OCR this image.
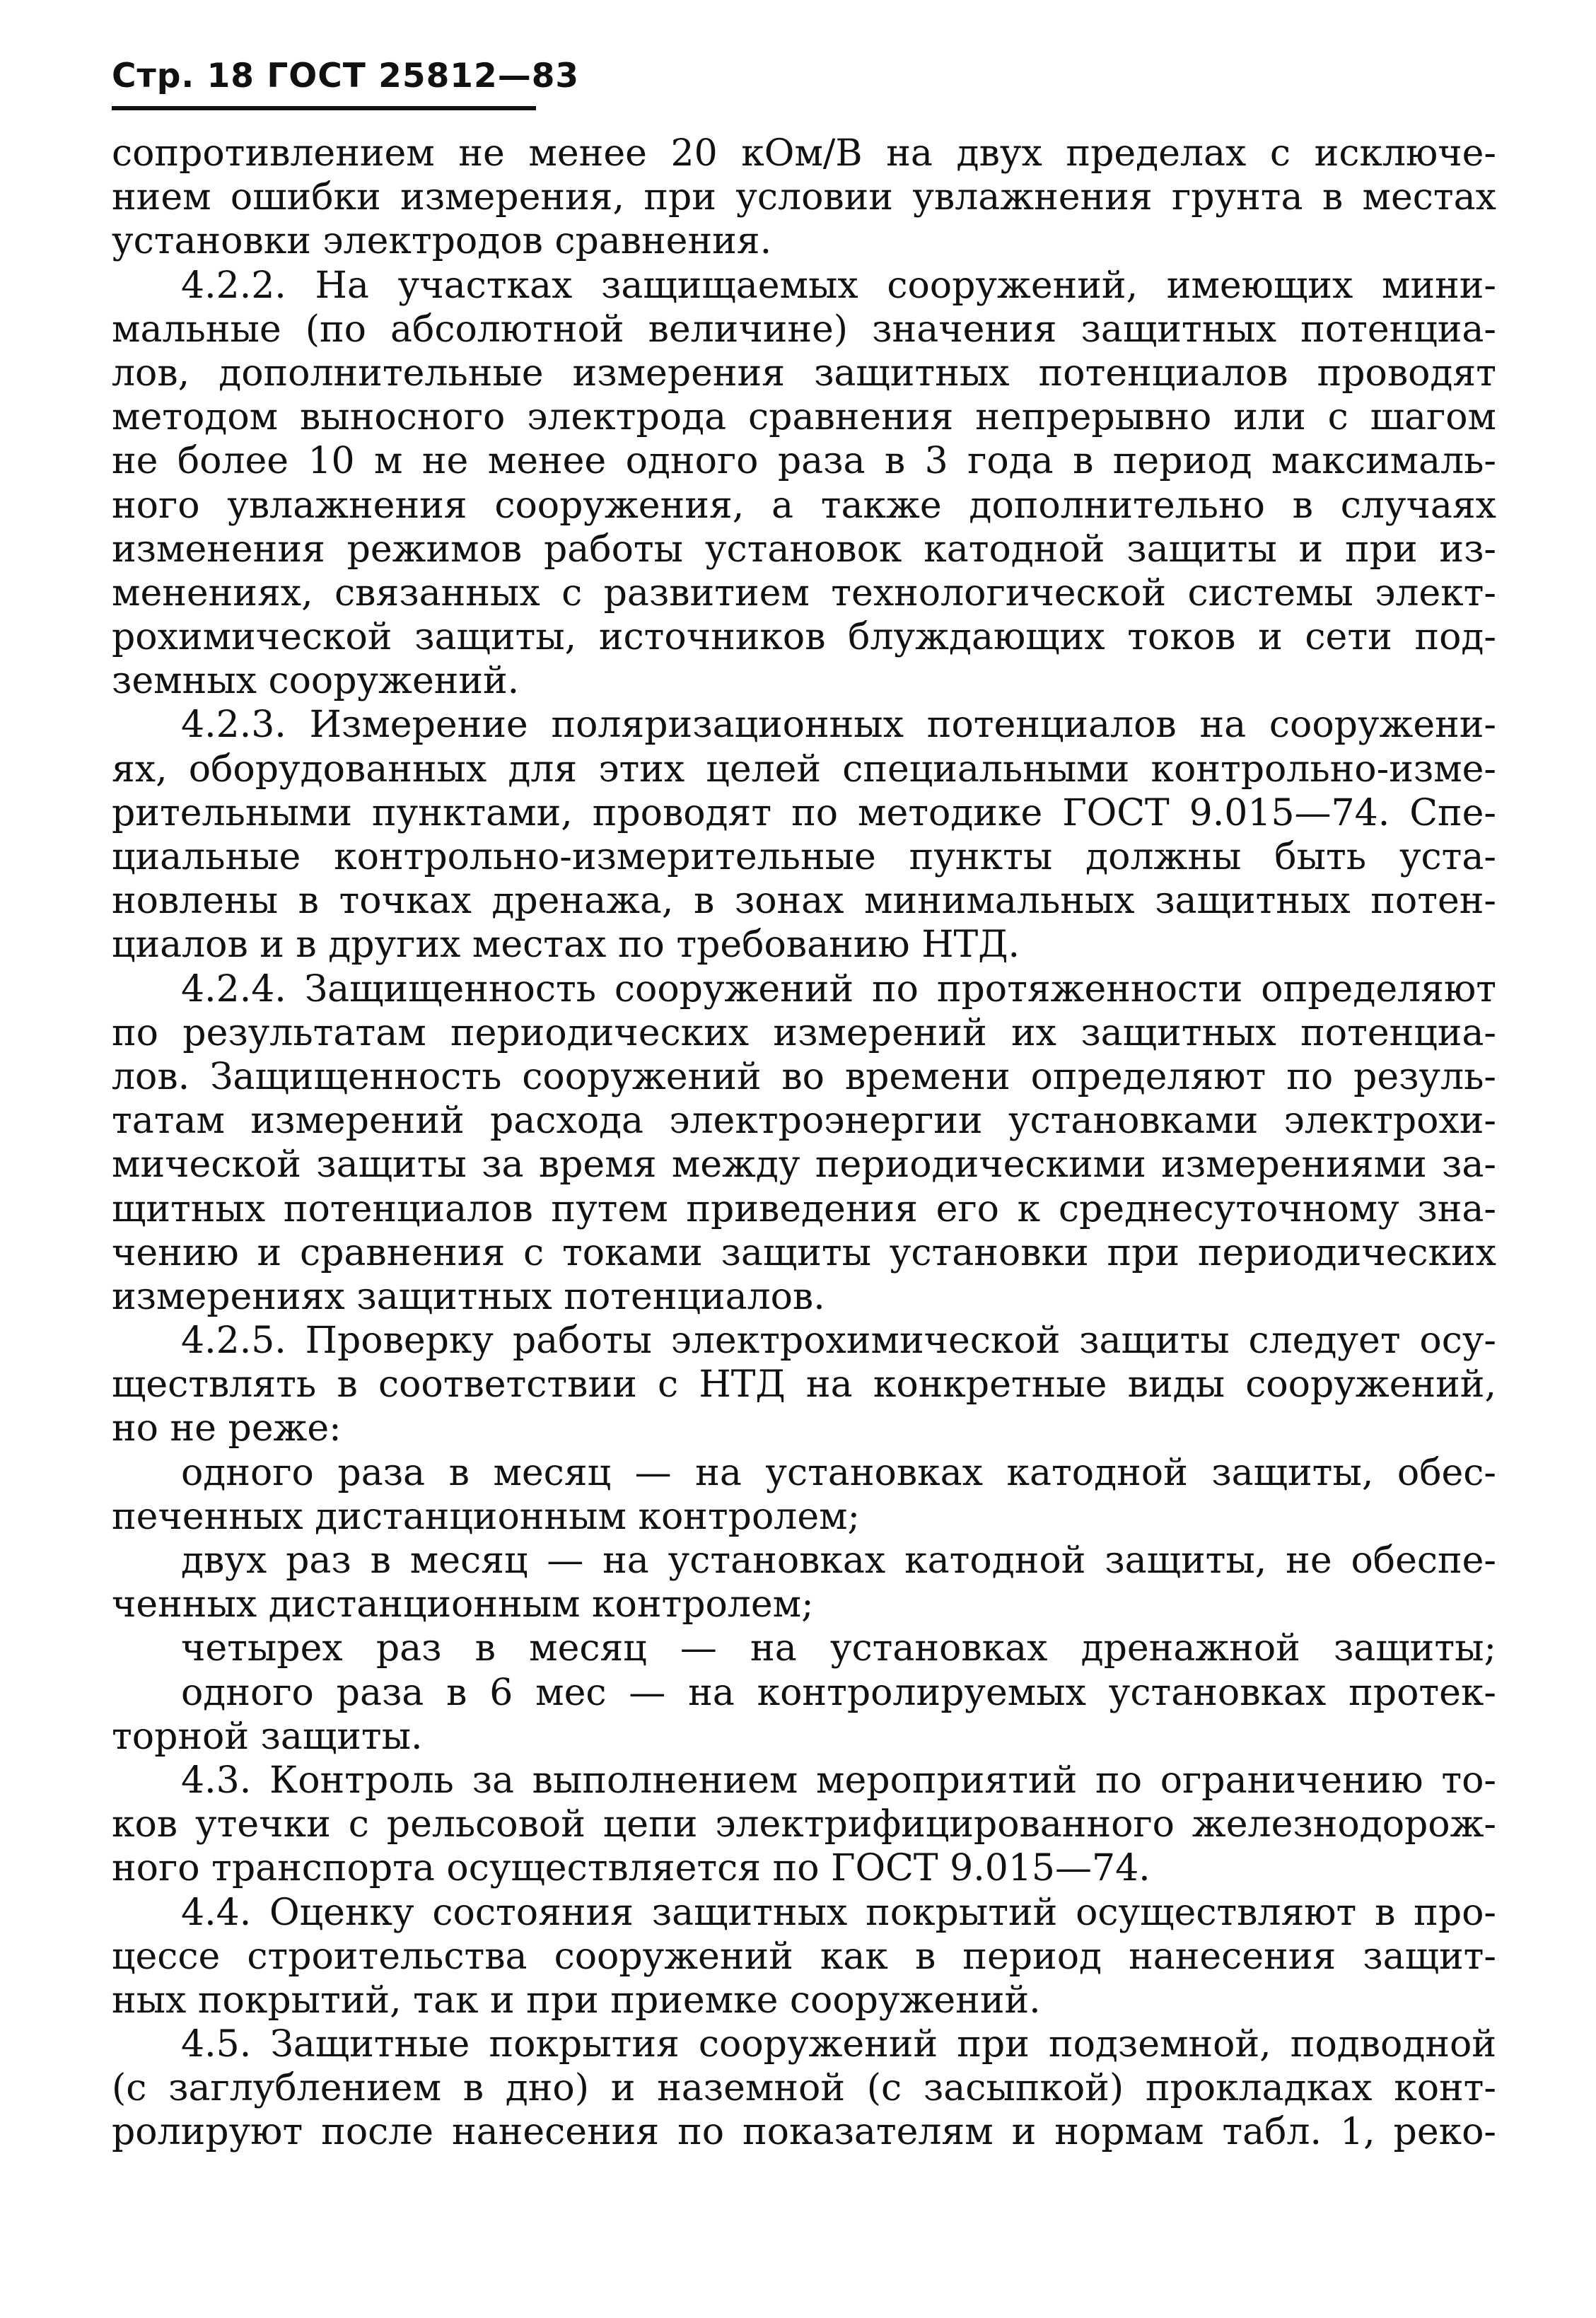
Стр. 18 ГОСТ 25812—83
сопротивлением не менее 20 кОм/В на двух пределах с исключе-
нием ошибки измерения, при условии увлажнения грунта в местах
установки электродов сравнения.
4.2.2. На участках защищаемых сооружений, имеющих мини-
мальные (по абсолютной величине) значения защитных потенциа-
лов, дополнительные измерения защитных потенциалов проводят
методом выносного электрода сравнения непрерывно или с шагом
не более 10 м не менее одного раза в 3 года в период максималь-
ного увлажнения сооружения, а также дополнительно в случаях
изменения режимов работы установок катодной защиты и при из-
менениях, связанных с развитием технологической системы элект-
рохимической защиты, источников блуждающих токов и сети под-
земных сооружений.
4.2.3. Измерение поляризационных потенциалов на сооружени-
ях, оборудованных для этих целей специальными контрольно-изме-
рительными пунктами, проводят по методике ГОСТ 9.015—74. Спе-
циальные контрольно-измерительные пункты должны быть уста-
новлены в точках дренажа, в зонах минимальных защитных потен-
циалов и в других местах по требованию НТД.
4.2.4. Защищенность сооружений по протяженности определяют
по результатам периодических измерений их защитных потенциа-
лов. Защищенность сооружений во времени определяют по резуль-
татам измерений расхода электроэнергии установками электрохи-
мической защиты за время между периодическими измерениями за-
щитных потенциалов путем приведения его к среднесуточному зна-
чению и сравнения с токами защиты установки при периодических
измерениях защитных потенциалов.
4.2.5. Проверку работы электрохимической защиты следует осу-
ществлять в соответствии с НТД на конкретные виды сооружений,
но не реже:
одного раза в месяц — на установках катодной защиты, обес-
печенных дистанционным контролем;
двух раз в месяц — на установках катодной защиты, не обеспе-
ченных дистанционным контролем;
четырех раз в месяц — на установках дренажной защиты;
одного раза в 6 мес — на контролируемых установках протек-
торной защиты.
4.3. Контроль за выполнением мероприятий по ограничению то-
ков утечки с рельсовой цепи электрифицированного железнодорож-
ного транспорта осуществляется по ГОСТ 9.015—74.
4.4. Оценку состояния защитных покрытий осуществляют в про-
цессе строительства сооружений как в период нанесения защит-
ных покрытий, так и при приемке сооружений.
4.5. Защитные покрытия сооружений при подземной, подводной
(с заглублением в дно) и наземной (с засыпкой) прокладках конт-
ролируют после нанесения по показателям и нормам табл. 1, реко-
